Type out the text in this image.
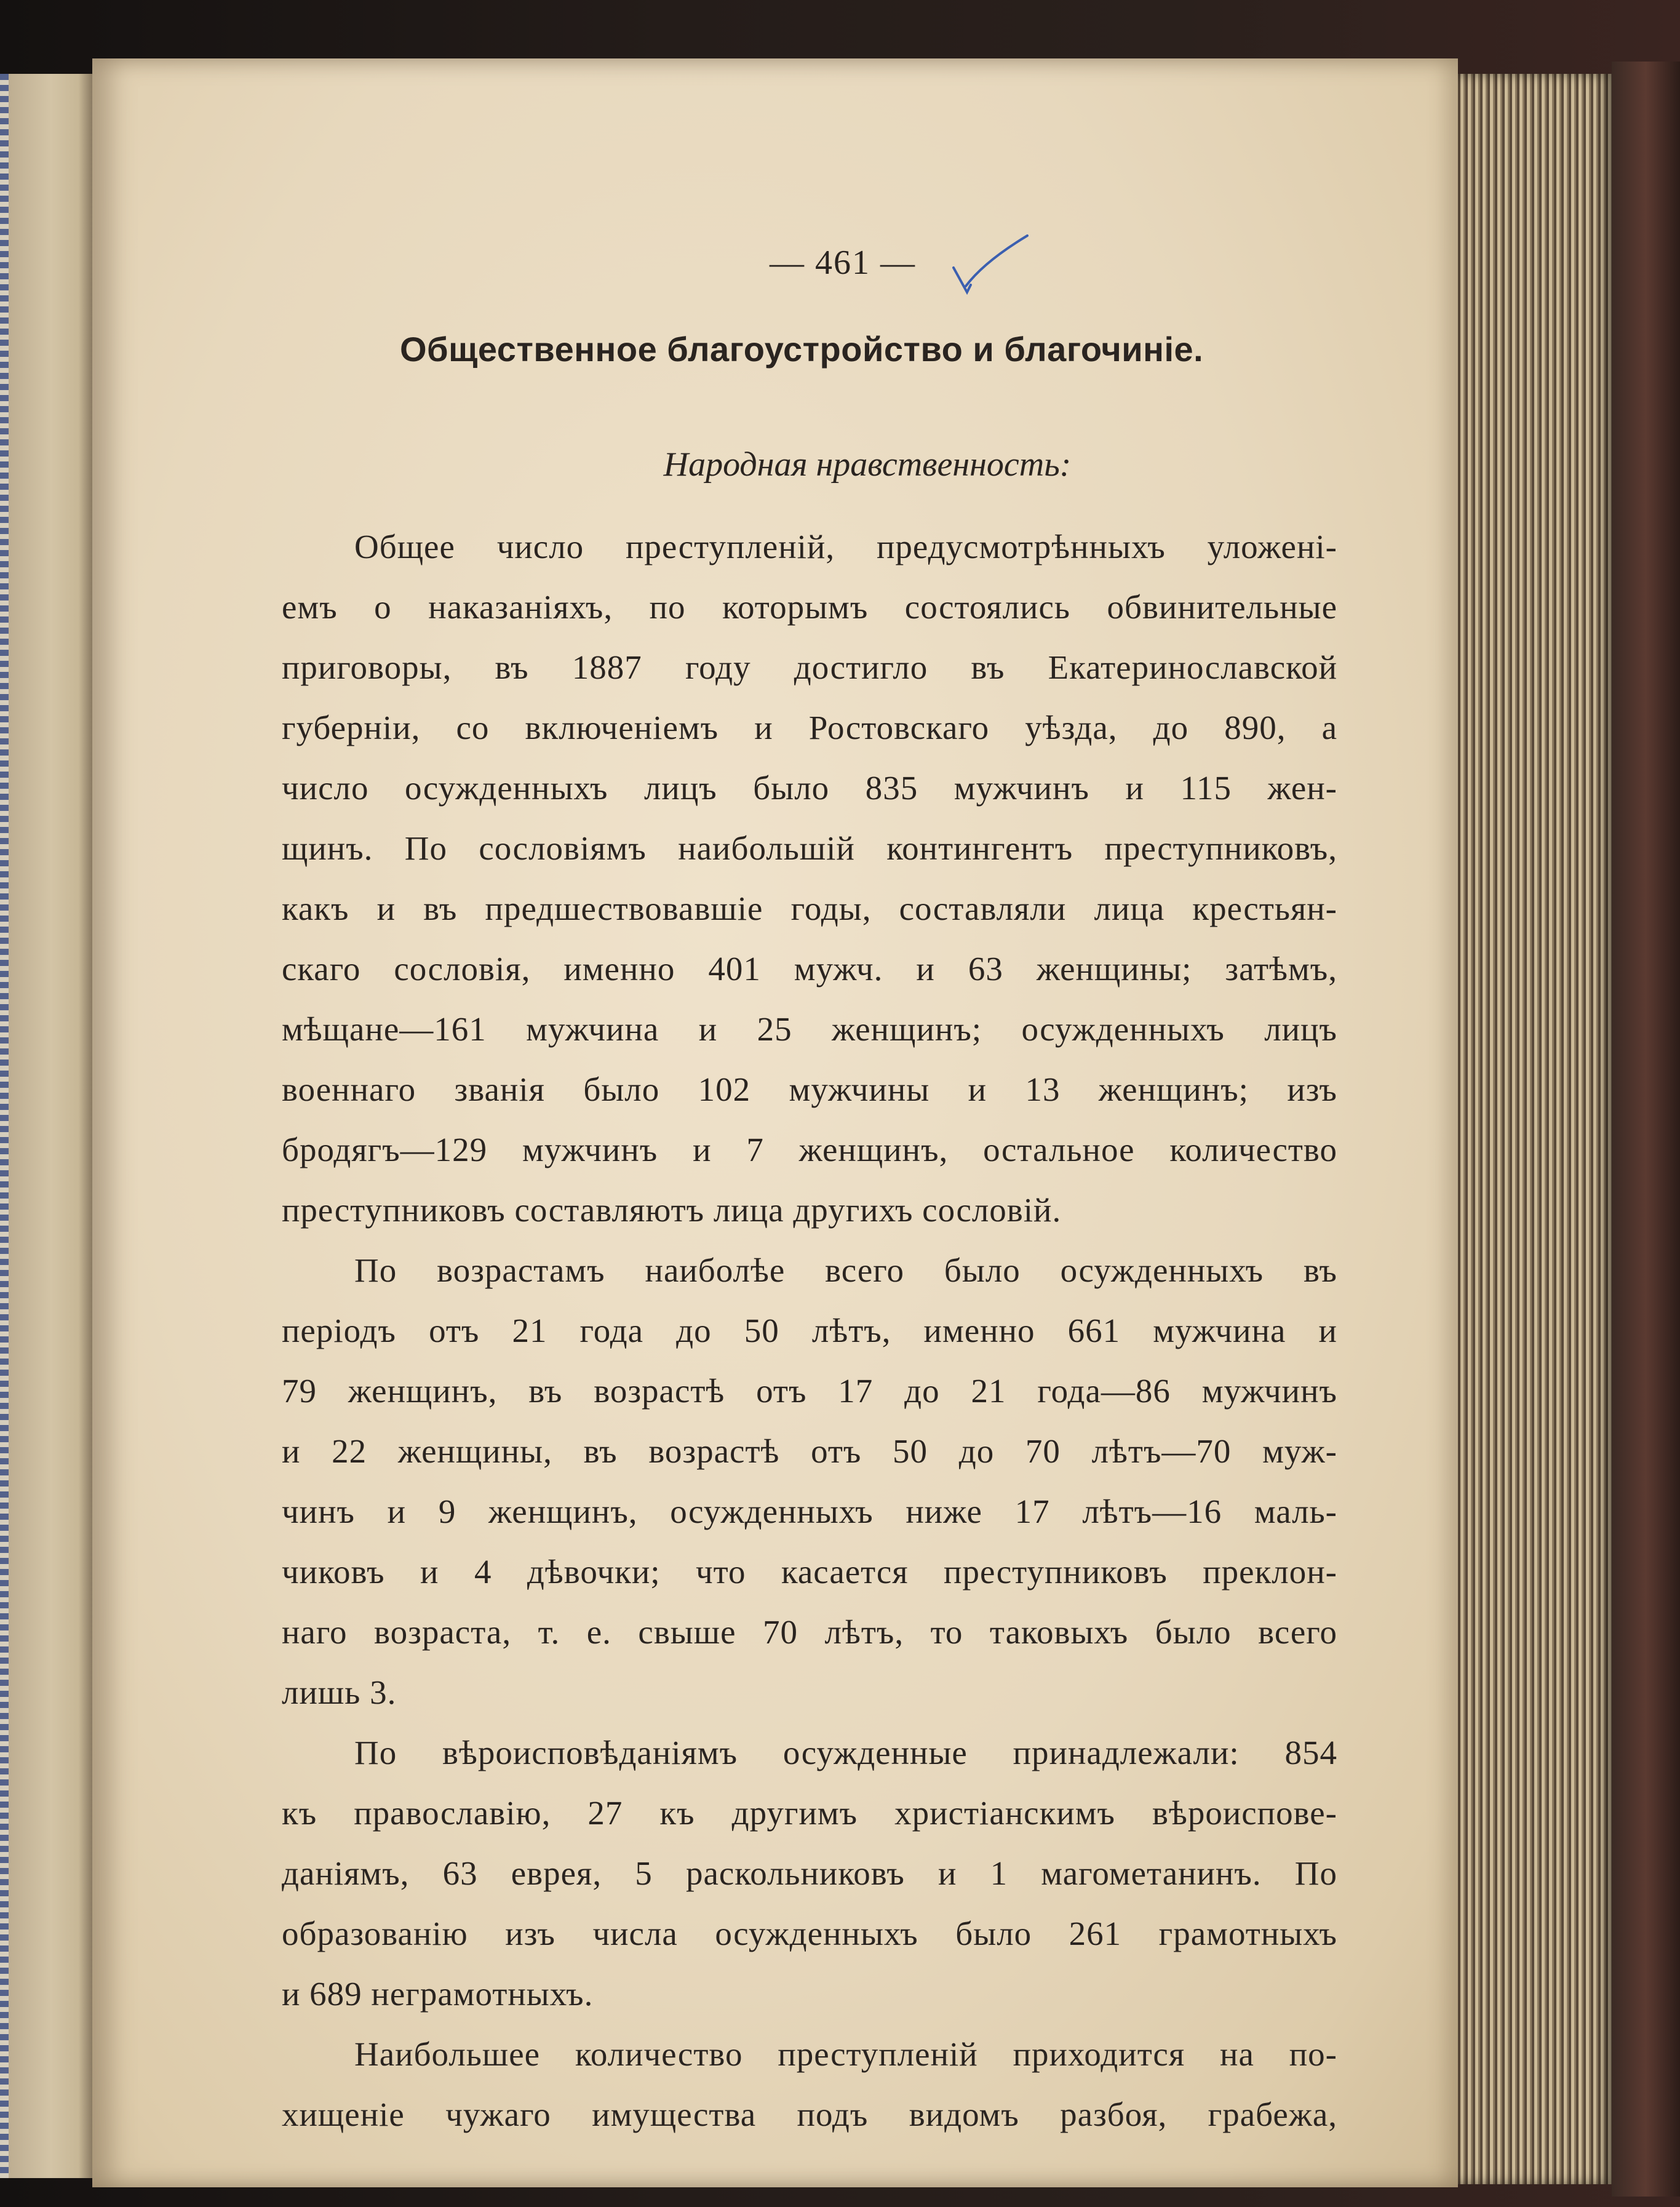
— 461 —
Общественное благоустройство и благочиніе.
Народная нравственность:
Общее число преступленій, предусмотрѣнныхъ уложені-
емъ о наказаніяхъ, по которымъ состоялись обвинительные
приговоры, въ 1887 году достигло въ Екатеринославской
губерніи, со включеніемъ и Ростовскаго уѣзда, до 890, а
число осужденныхъ лицъ было 835 мужчинъ и 115 жен-
щинъ. По сословіямъ наибольшій контингентъ преступниковъ,
какъ и въ предшествовавшіе годы, составляли лица крестьян-
скаго сословія, именно 401 мужч. и 63 женщины; затѣмъ,
мѣщане—161 мужчина и 25 женщинъ; осужденныхъ лицъ
военнаго званія было 102 мужчины и 13 женщинъ; изъ
бродягъ—129 мужчинъ и 7 женщинъ, остальное количество
преступниковъ составляютъ лица другихъ сословій.
По возрастамъ наиболѣе всего было осужденныхъ въ
періодъ отъ 21 года до 50 лѣтъ, именно 661 мужчина и
79 женщинъ, въ возрастѣ отъ 17 до 21 года—86 мужчинъ
и 22 женщины, въ возрастѣ отъ 50 до 70 лѣтъ—70 муж-
чинъ и 9 женщинъ, осужденныхъ ниже 17 лѣтъ—16 маль-
чиковъ и 4 дѣвочки; что касается преступниковъ преклон-
наго возраста, т. е. свыше 70 лѣтъ, то таковыхъ было всего
лишь 3.
По вѣроисповѣданіямъ осужденные принадлежали: 854
къ православію, 27 къ другимъ христіанскимъ вѣроиспове-
даніямъ, 63 еврея, 5 раскольниковъ и 1 магометанинъ. По
образованію изъ числа осужденныхъ было 261 грамотныхъ
и 689 неграмотныхъ.
Наибольшее количество преступленій приходится на по-
хищеніе чужаго имущества подъ видомъ разбоя, грабежа,
